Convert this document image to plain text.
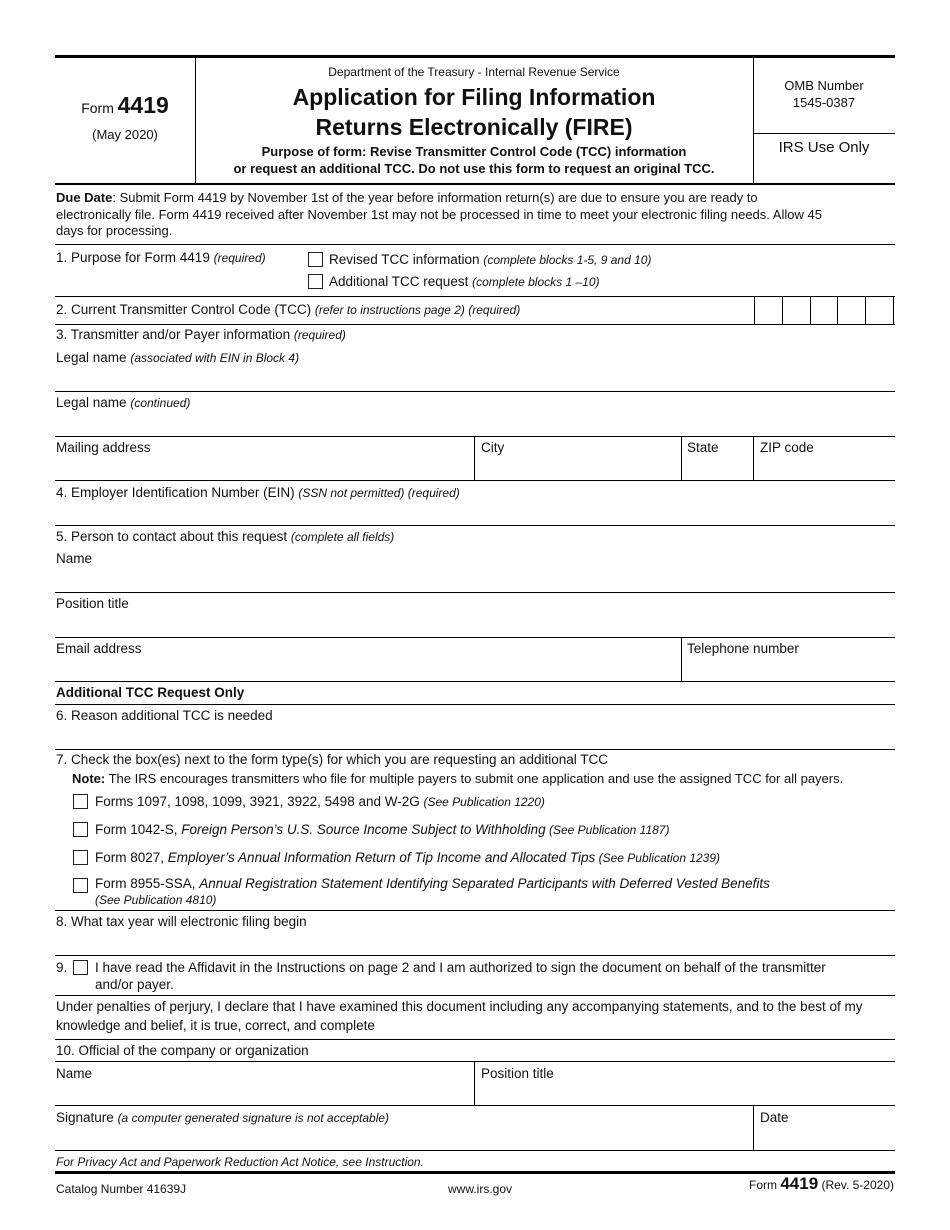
Form 4419
(May 2020)
Department of the Treasury - Internal Revenue Service
Application for Filing Information
Returns Electronically (FIRE)
Purpose of form: Revise Transmitter Control Code (TCC) information
or request an additional TCC. Do not use this form to request an original TCC.
OMB Number
1545-0387
IRS Use Only
Due Date: Submit Form 4419 by November 1st of the year before information return(s) are due to ensure you are ready to
electronically file. Form 4419 received after November 1st may not be processed in time to meet your electronic filing needs. Allow 45
days for processing.
1. Purpose for Form 4419 (required)	Revised TCC information (complete blocks 1-5, 9 and 10)
Additional TCC request (complete blocks 1 –10)
2. Current Transmitter Control Code (TCC) (refer to instructions page 2) (required)
3. Transmitter and/or Payer information (required)
Legal name (associated with EIN in Block 4)
Legal name (continued)
Mailing address	City	State	ZIP code
4. Employer Identification Number (EIN) (SSN not permitted) (required)
5. Person to contact about this request (complete all fields)
Name
Position title
Email address	Telephone number
Additional TCC Request Only
6. Reason additional TCC is needed
7. Check the box(es) next to the form type(s) for which you are requesting an additional TCC
Note: The IRS encourages transmitters who file for multiple payers to submit one application and use the assigned TCC for all payers.
Forms 1097, 1098, 1099, 3921, 3922, 5498 and W-2G (See Publication 1220)
Form 1042-S, Foreign Person’s U.S. Source Income Subject to Withholding (See Publication 1187)
Form 8027, Employer’s Annual Information Return of Tip Income and Allocated Tips (See Publication 1239)
Form 8955-SSA, Annual Registration Statement Identifying Separated Participants with Deferred Vested Benefits
(See Publication 4810)
8. What tax year will electronic filing begin
9. I have read the Affidavit in the Instructions on page 2 and I am authorized to sign the document on behalf of the transmitter
and/or payer.
Under penalties of perjury, I declare that I have examined this document including any accompanying statements, and to the best of my
knowledge and belief, it is true, correct, and complete
10. Official of the company or organization
Name	Position title
Signature (a computer generated signature is not acceptable)	Date
For Privacy Act and Paperwork Reduction Act Notice, see Instruction.
Catalog Number 41639J	www.irs.gov	Form 4419 (Rev. 5-2020)
